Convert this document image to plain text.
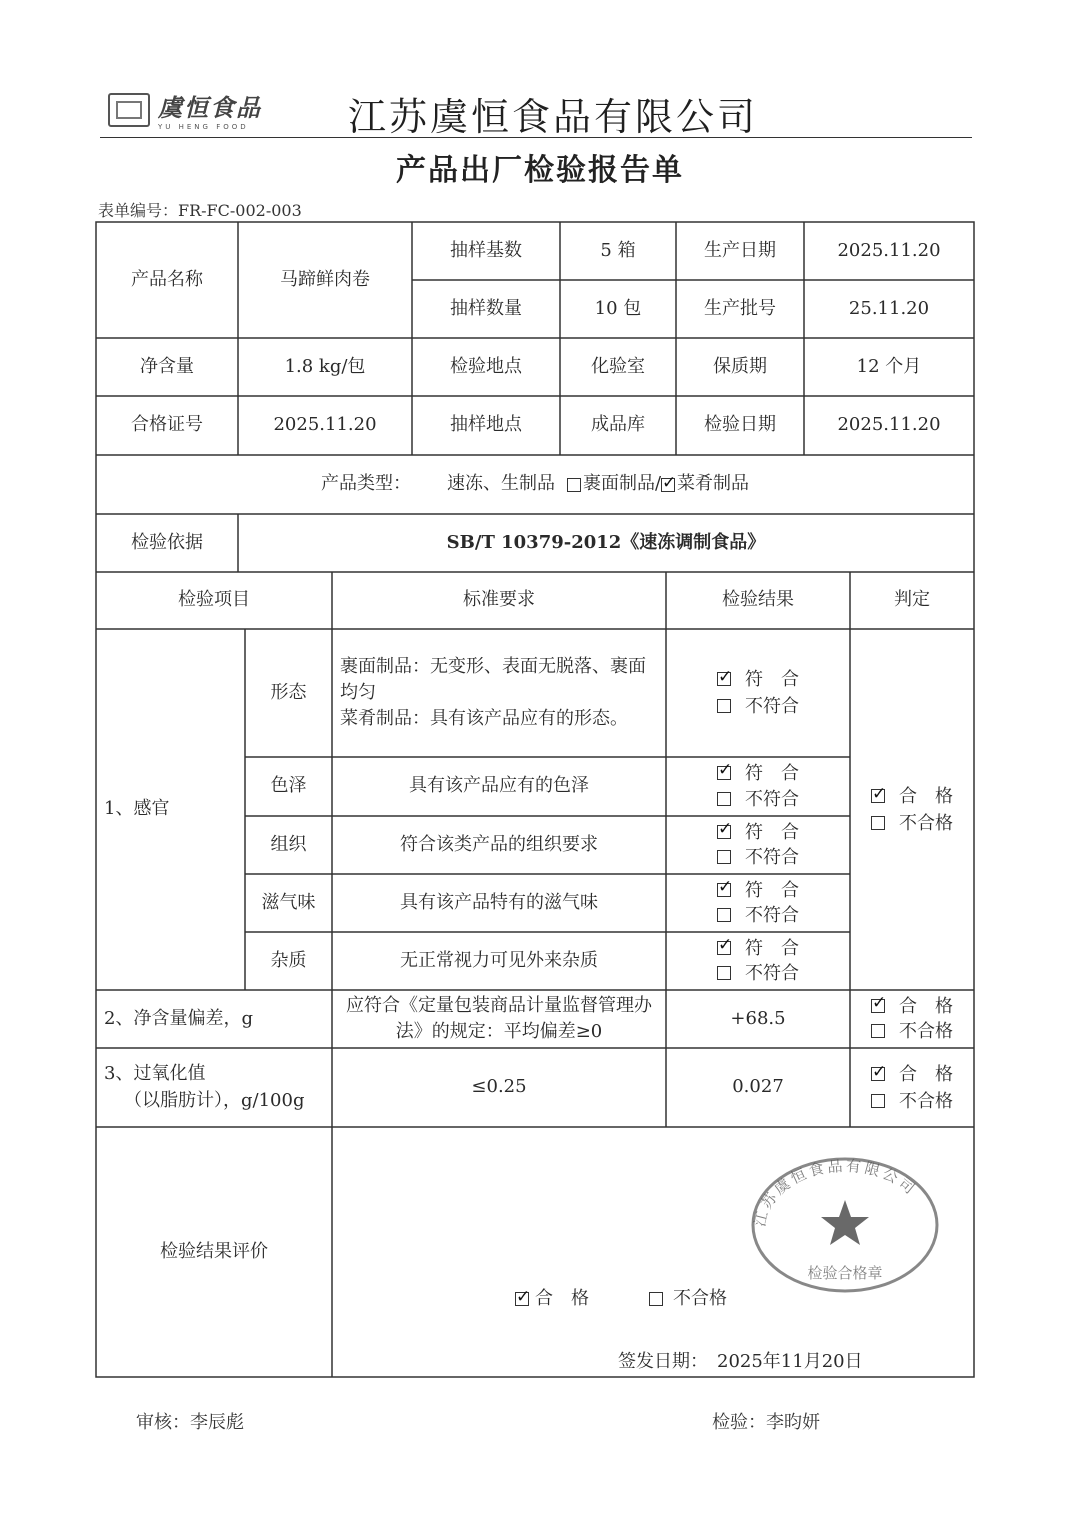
虞恒食品
YU HENG FOOD	江苏虞恒食品有限公司
产品出厂检验报告单
表单编号：FR-FC-002-003
产品名称	马蹄鲜肉卷
抽样基数	5 箱	生产日期	2025.11.20
抽样数量	10 包	生产批号	25.11.20
净含量	1.8 kg/包	检验地点	化验室	保质期	12 个月
合格证号	2025.11.20	抽样地点	成品库	检验日期	2025.11.20
产品类型： 速冻、生制品 裹面制品/
✓ 菜肴制品
检验依据	SB/T 10379-2012《速冻调制食品》
检验项目	标准要求	检验结果	判定
1、感官
形态
裹面制品：无变形、表面无脱落、裹面均匀
菜肴制品：具有该产品应有的形态。
✓符　合
不符合
色泽	具有该产品应有的色泽
✓符　合
不符合
组织	符合该类产品的组织要求
✓符　合
不符合
滋气味	具有该产品特有的滋气味
✓符　合
不符合
杂质	无正常视力可见外来杂质
✓符　合
不符合
✓合　格
不合格
2、净含量偏差，g
应符合《定量包装商品计量监督管理办法》的规定：平均偏差≥0
+68.5
✓合　格
不合格
3、过氧化值
（以脂肪计），g/100g
≤0.25	0.027
✓合　格
不合格
检验结果评价
✓
合　格	不合格
签发日期：　2025年11月20日
江苏虞恒食品有限公司
检验合格章
审核：李辰彪	检验：李昀妍
